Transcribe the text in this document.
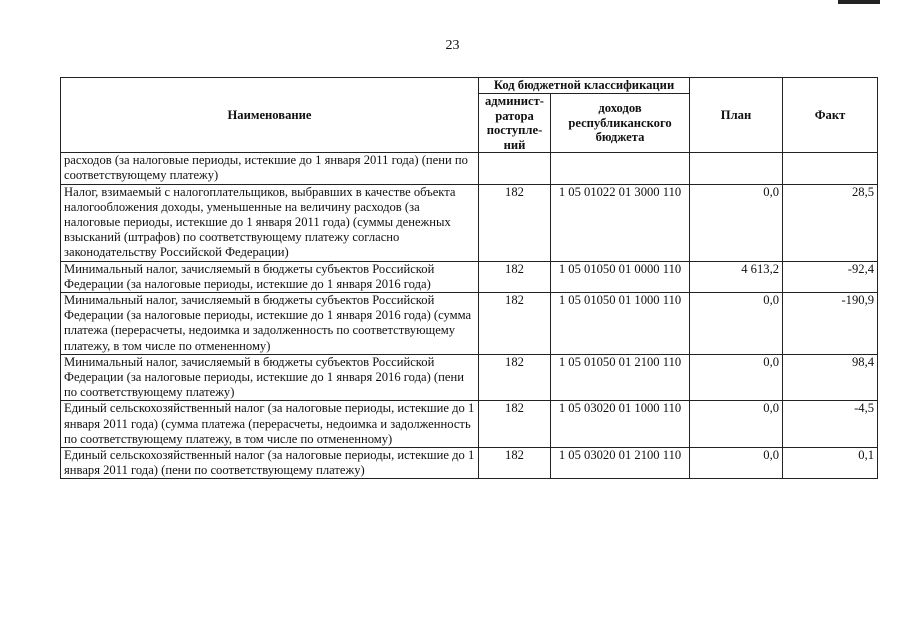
23
Наименование	Код бюджетной классификации		План	Факт
	админист-ратора поступле-ний	доходов республиканского бюджета		
расходов (за налоговые периоды, истекшие до 1 января 2011 года) (пени по соответствующему платежу)				
Налог, взимаемый с налогоплательщиков, выбравших в качестве объекта налогообложения доходы, уменьшенные на величину расходов (за налоговые периоды, истекшие до 1 января 2011 года) (суммы денежных взысканий (штрафов) по соответствующему платежу согласно законодательству Российской Федерации)	182	1 05 01022 01 3000 110	0,0	28,5
Минимальный налог, зачисляемый в бюджеты субъектов Российской Федерации (за налоговые периоды, истекшие до 1 января 2016 года)	182	1 05 01050 01 0000 110	4 613,2	-92,4
Минимальный налог, зачисляемый в бюджеты субъектов Российской Федерации (за налоговые периоды, истекшие до 1 января 2016 года) (сумма платежа (перерасчеты, недоимка и задолженность по соответствующему платежу, в том числе по отмененному)	182	1 05 01050 01 1000 110	0,0	-190,9
Минимальный налог, зачисляемый в бюджеты субъектов Российской Федерации (за налоговые периоды, истекшие до 1 января 2016 года) (пени по соответствующему платежу)	182	1 05 01050 01 2100 110	0,0	98,4
Единый сельскохозяйственный налог (за налоговые периоды, истекшие до 1 января 2011 года) (сумма платежа (перерасчеты, недоимка и задолженность по соответствующему платежу, в том числе по отмененному)	182	1 05 03020 01 1000 110	0,0	-4,5
Единый сельскохозяйственный налог (за налоговые периоды, истекшие до 1 января 2011 года) (пени по соответствующему платежу)	182	1 05 03020 01 2100 110	0,0	0,1
